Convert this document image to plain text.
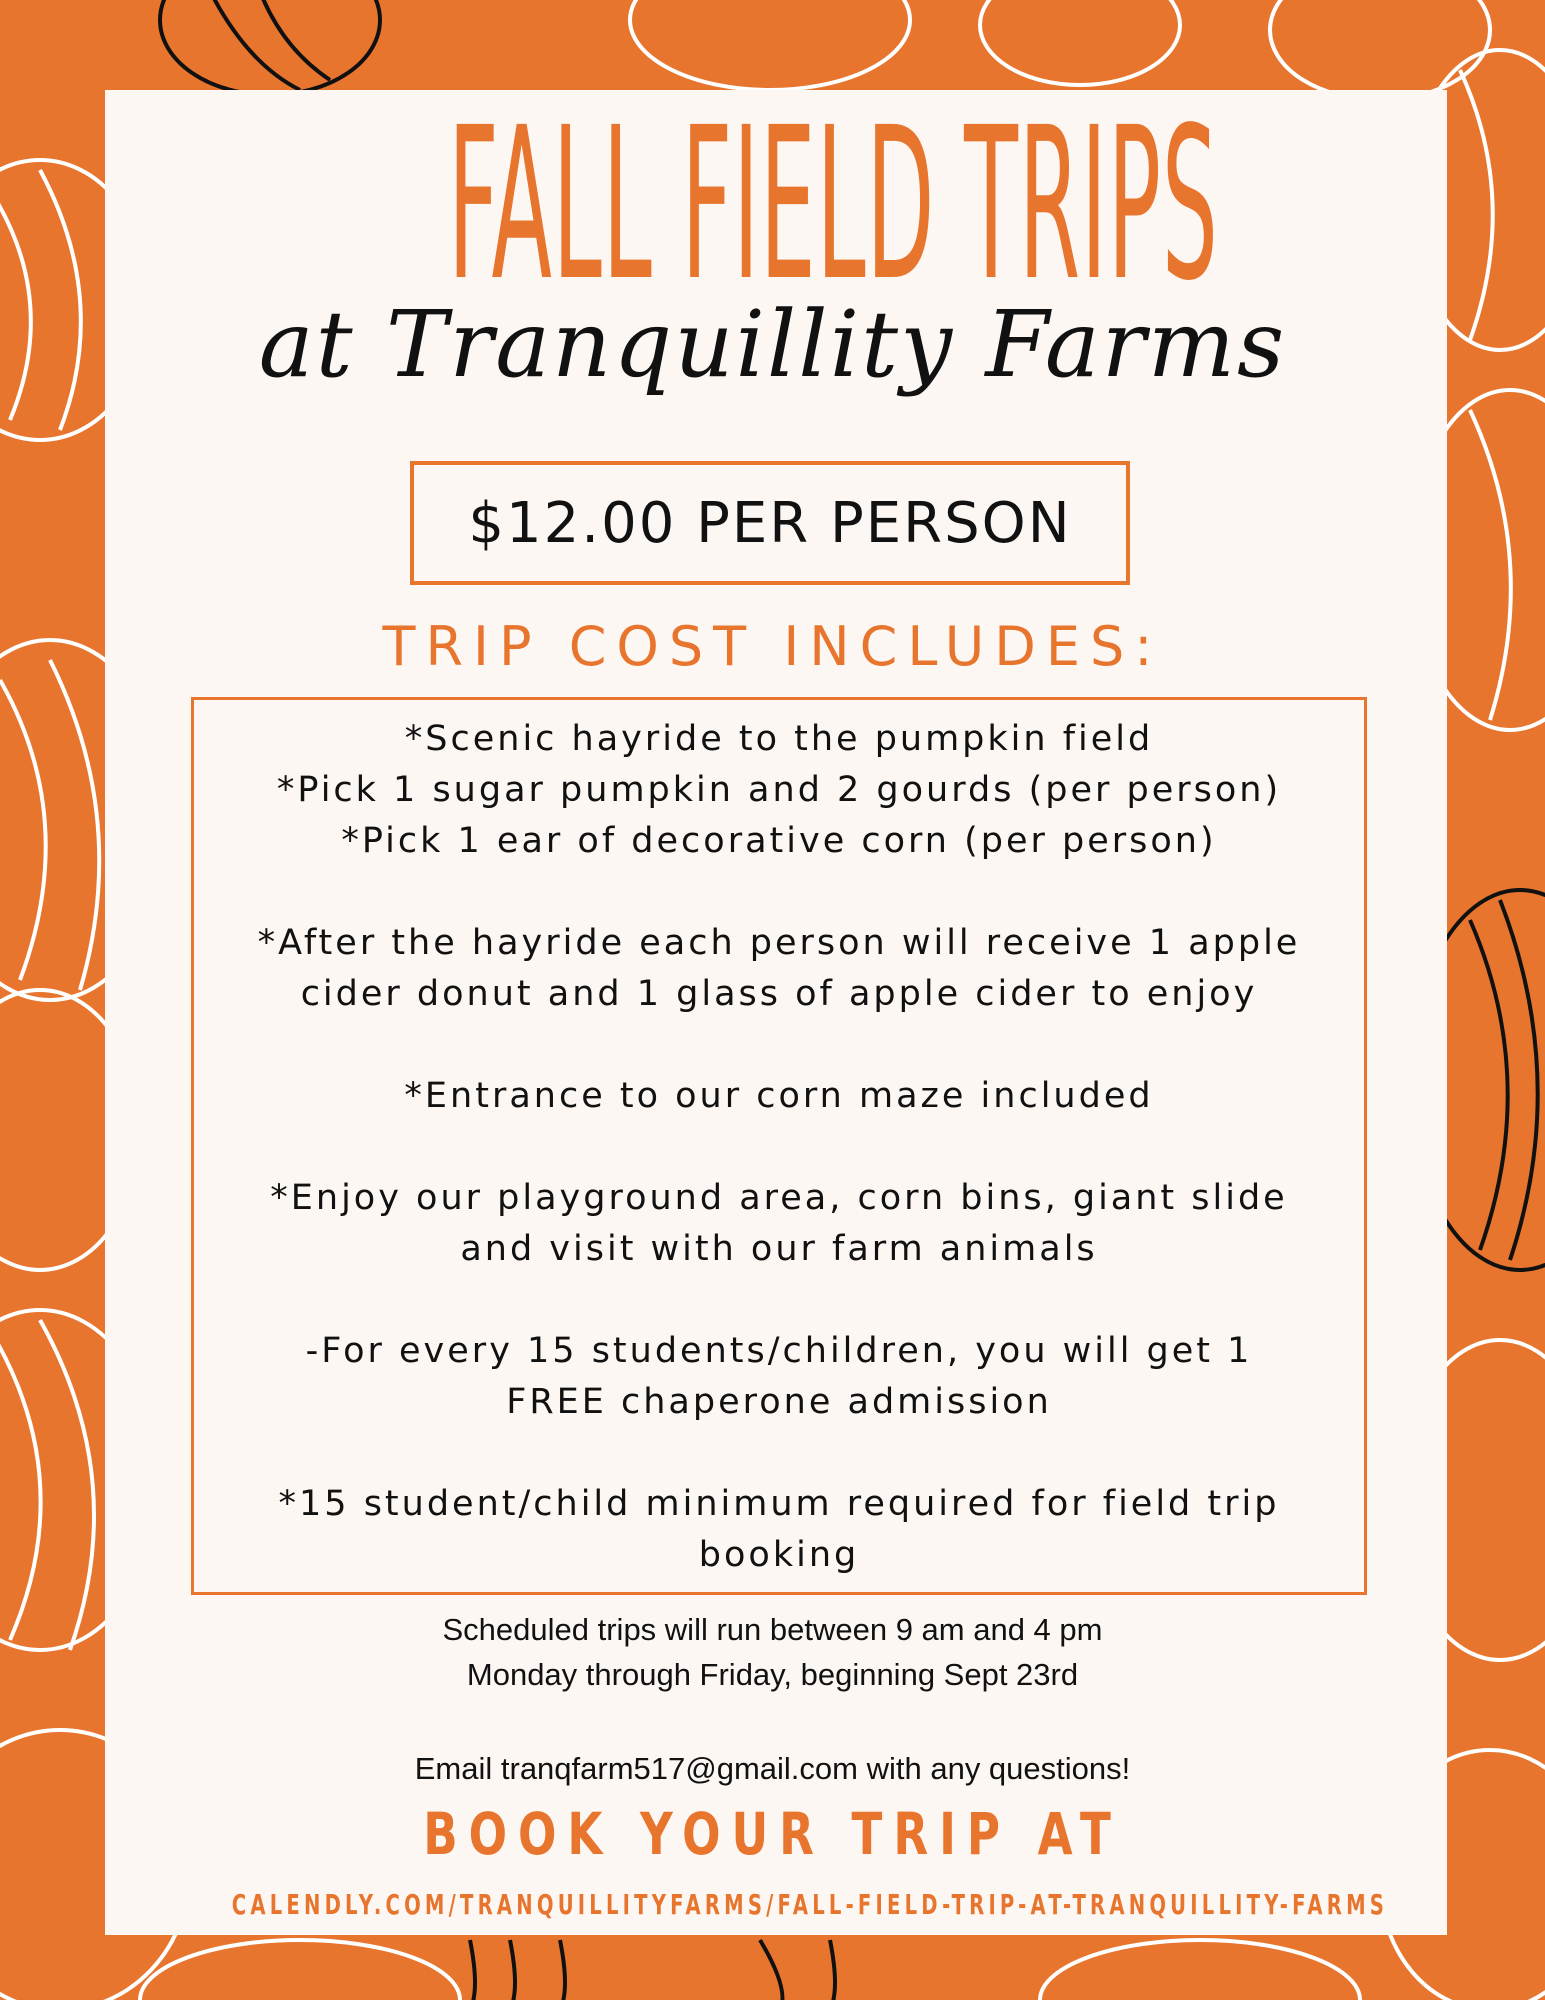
FALL FIELD TRIPS
at Tranquillity Farms
$12.00 PER PERSON
TRIP COST INCLUDES:
*Scenic hayride to the pumpkin field
*Pick 1 sugar pumpkin and 2 gourds (per person)
*Pick 1 ear of decorative corn (per person)
*After the hayride each person will receive 1 apple
cider donut and 1 glass of apple cider to enjoy
*Entrance to our corn maze included
*Enjoy our playground area, corn bins, giant slide
and visit with our farm animals
-For every 15 students/children, you will get 1
FREE chaperone admission
*15 student/child minimum required for field trip
booking
Scheduled trips will run between 9 am and 4 pm
Monday through Friday, beginning Sept 23rd
Email tranqfarm517@gmail.com with any questions!
BOOK YOUR TRIP AT
CALENDLY.COM/TRANQUILLITYFARMS/FALL-FIELD-TRIP-AT-TRANQUILLITY-FARMS
